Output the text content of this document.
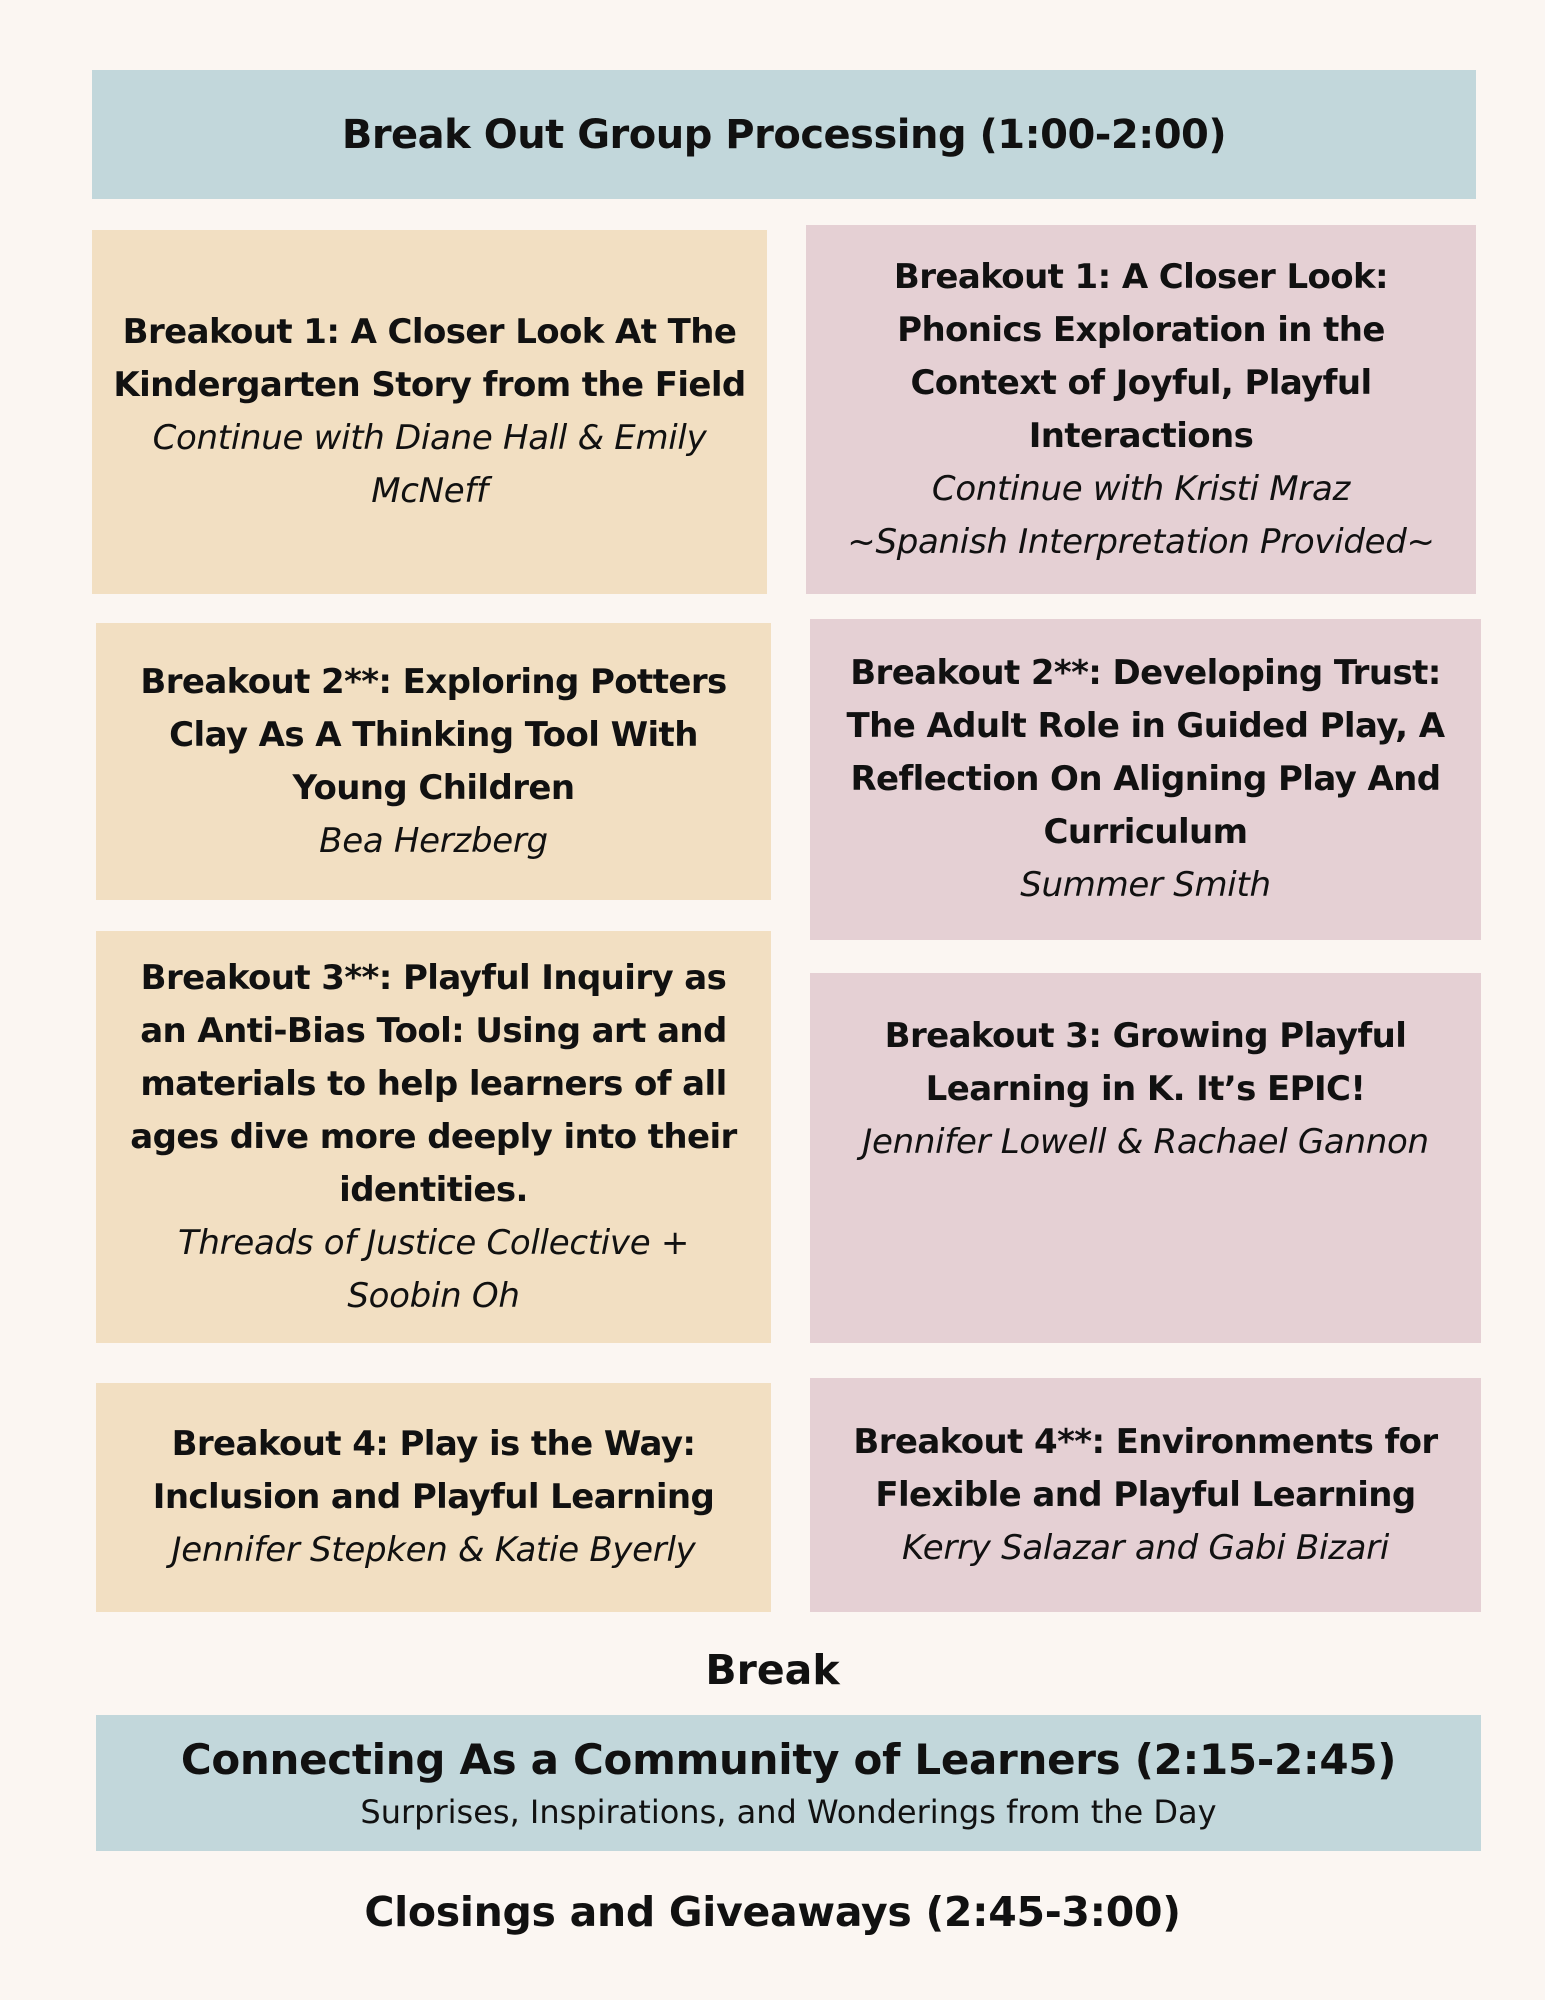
Break Out Group Processing (1:00-2:00)
Breakout 1: A Closer Look At The
Kindergarten Story from the Field
Continue with Diane Hall & Emily
McNeff
Breakout 2**: Exploring Potters
Clay As A Thinking Tool With
Young Children
Bea Herzberg
Breakout 3**: Playful Inquiry as
an Anti-Bias Tool: Using art and
materials to help learners of all
ages dive more deeply into their
identities.
Threads of Justice Collective +
Soobin Oh
Breakout 4: Play is the Way:
Inclusion and Playful Learning
Jennifer Stepken & Katie Byerly
Breakout 1: A Closer Look:
Phonics Exploration in the
Context of Joyful, Playful
Interactions
Continue with Kristi Mraz
~Spanish Interpretation Provided~
Breakout 2**: Developing Trust:
The Adult Role in Guided Play, A
Reflection On Aligning Play And
Curriculum
Summer Smith
Breakout 3: Growing Playful
Learning in K. It’s EPIC!
Jennifer Lowell & Rachael Gannon
Breakout 4**: Environments for
Flexible and Playful Learning
Kerry Salazar and Gabi Bizari
Break
Connecting As a Community of Learners (2:15-2:45)
Surprises, Inspirations, and Wonderings from the Day
Closings and Giveaways (2:45-3:00)
